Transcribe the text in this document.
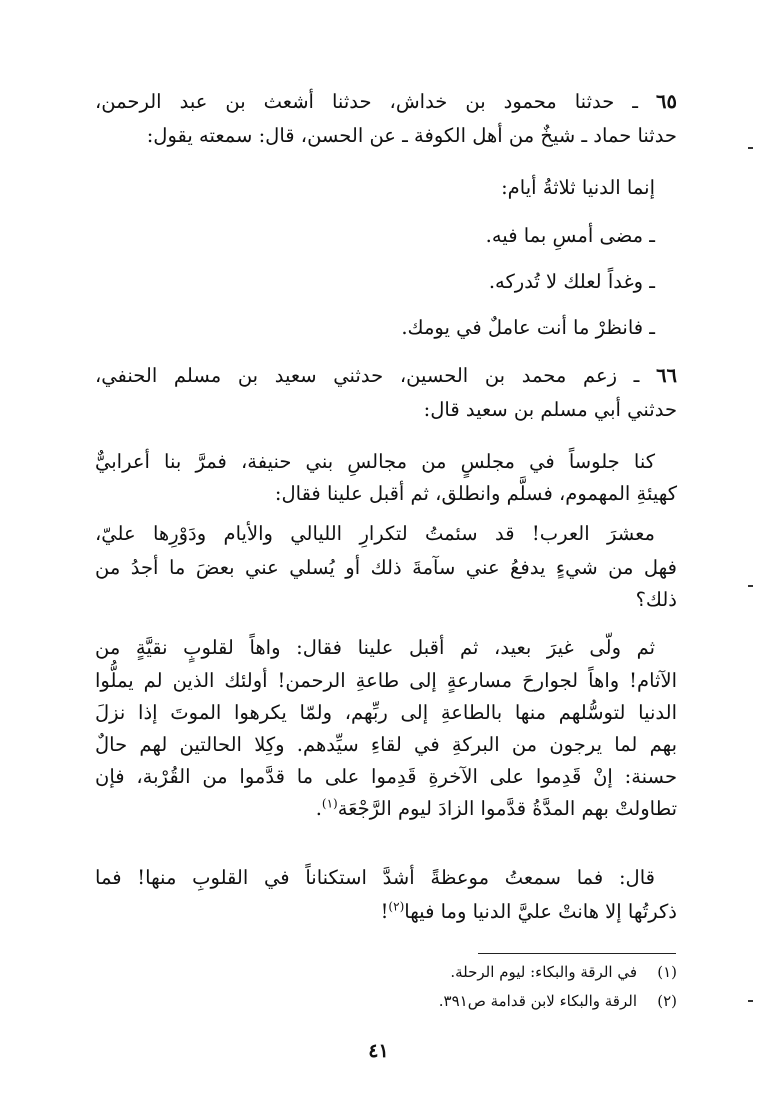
٦٥ ـ حدثنا محمود بن خداش، حدثنا أشعث بن عبد الرحمن،
حدثنا حماد ـ شيخٌ من أهل الكوفة ـ عن الحسن، قال: سمعته يقول:
إنما الدنيا ثلاثةُ أيام:
ـ مضى أمسِ بما فيه.
ـ وغداً لعلك لا تُدركه.
ـ فانظرْ ما أنت عاملٌ في يومك.
٦٦ ـ زعم محمد بن الحسين، حدثني سعيد بن مسلم الحنفي،
حدثني أبي مسلم بن سعيد قال:
كنا جلوساً في مجلسٍ من مجالسِ بني حنيفة، فمرَّ بنا أعرابيٌّ
كهيئةِ المهموم، فسلَّم وانطلق، ثم أقبل علينا فقال:
معشرَ العرب! قد سئمتُ لتكرارِ الليالي والأيام ودَوْرِها عليّ،
فهل من شيءٍ يدفعُ عني سآمةَ ذلك أو يُسلي عني بعضَ ما أجدُ من
ذلك؟
ثم ولّى غيرَ بعيد، ثم أقبل علينا فقال: واهاً لقلوبٍ نقيَّةٍ من
الآثام! واهاً لجوارحَ مسارعةٍ إلى طاعةِ الرحمن! أولئك الذين لم يملُّوا
الدنيا لتوسُّلهم منها بالطاعةِ إلى ربِّهم، ولمّا يكرهوا الموتَ إذا نزلَ
بهم لما يرجون من البركةِ في لقاءِ سيِّدهم. وكِلا الحالتين لهم حالٌ
حسنة: إنْ قَدِموا على الآخرةِ قَدِموا على ما قدَّموا من القُرْبة، فإن
تطاولتْ بهم المدَّةُ قدَّموا الزادَ ليوم الرَّجْعَة$^{(١)}$.
قال: فما سمعتُ موعظةً أشدَّ استكناناً في القلوبِ منها! فما
ذكرتُها إلا هانتْ عليَّ الدنيا وما فيها$^{(٢)}$!
(١)في الرقة والبكاء: ليوم الرحلة.
(٢)الرقة والبكاء لابن قدامة ص٣٩١.
٤١
